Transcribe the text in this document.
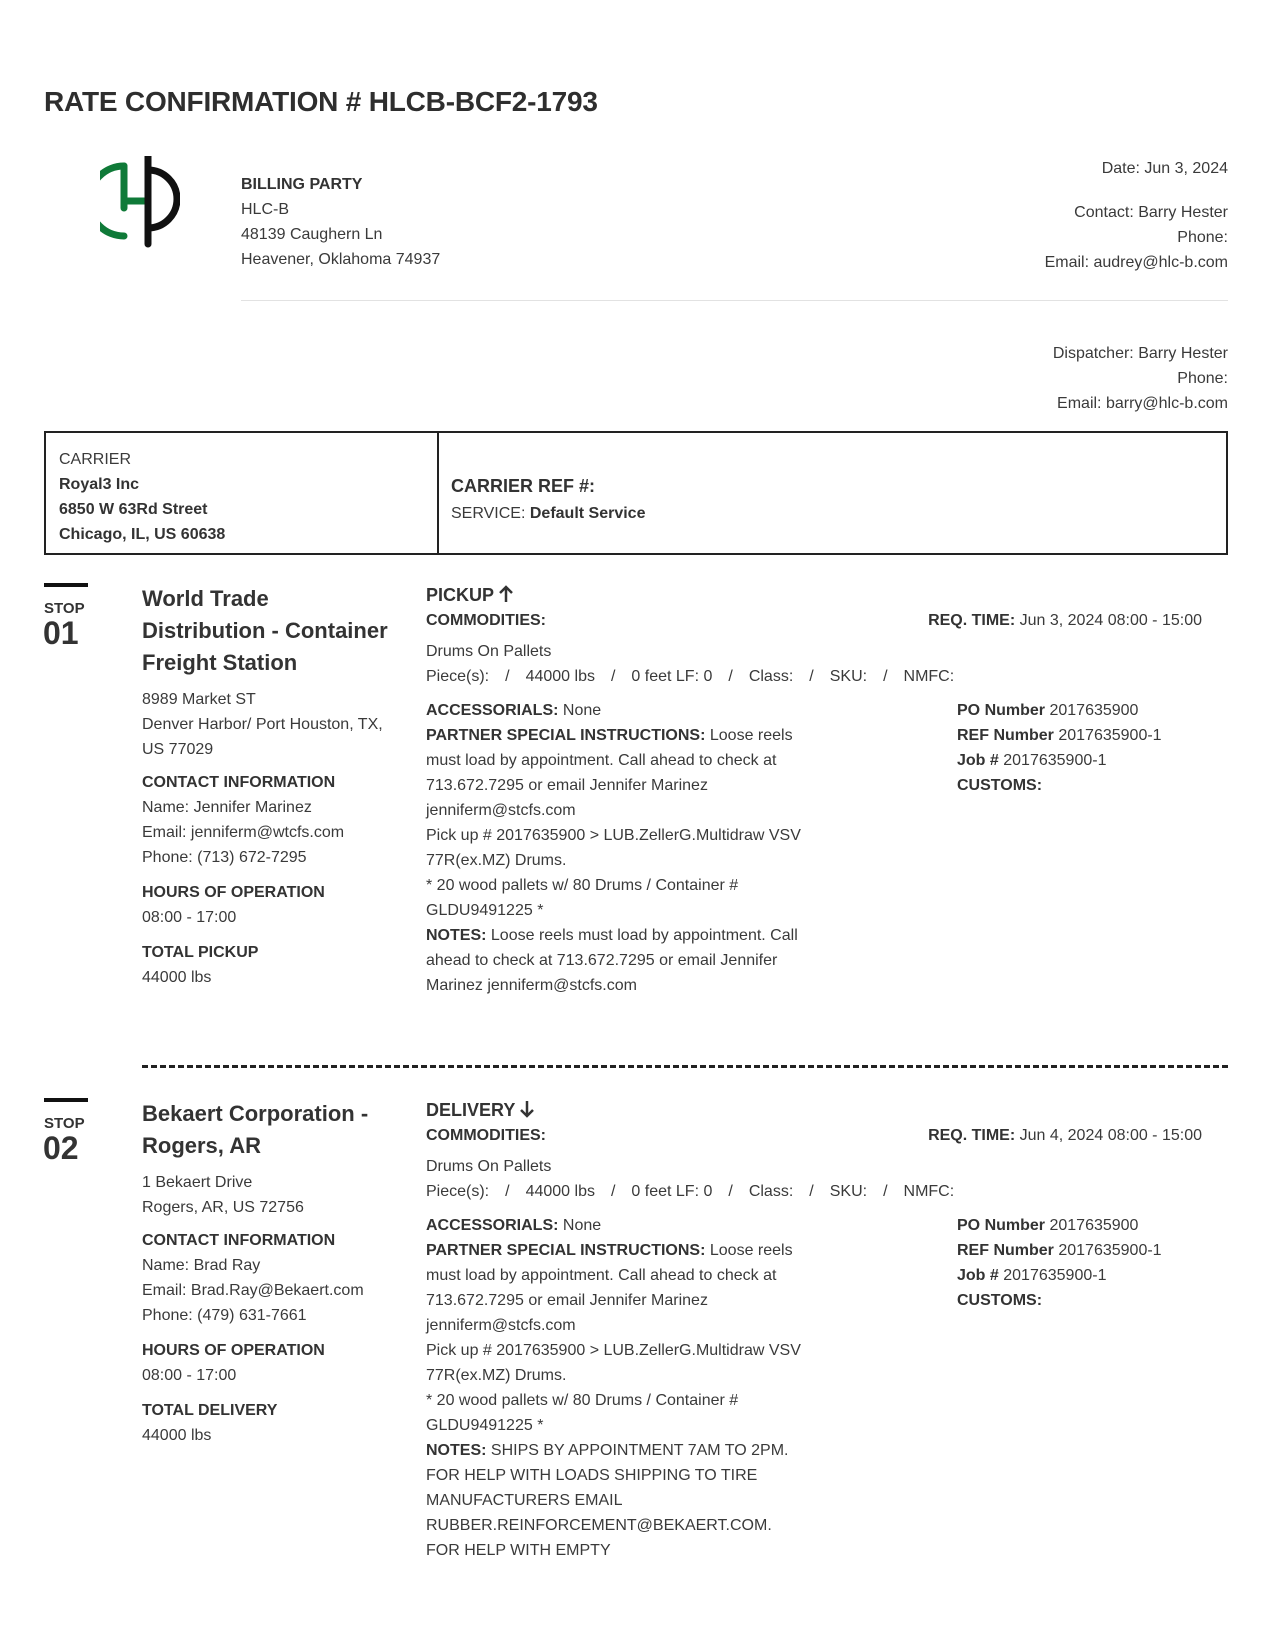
RATE CONFIRMATION # HLCB-BCF2-1793
BILLING PARTY
HLC-B
48139 Caughern Ln
Heavener, Oklahoma 74937
Date: Jun 3, 2024
Contact: Barry Hester
Phone:
Email: audrey@hlc-b.com
Dispatcher: Barry Hester
Phone:
Email: barry@hlc-b.com
CARRIER
Royal3 Inc
6850 W 63Rd Street
Chicago, IL, US 60638
CARRIER REF #:
SERVICE: Default Service
STOP
01
World Trade Distribution - Container Freight Station
8989 Market ST
Denver Harbor/ Port Houston, TX, US 77029
CONTACT INFORMATION
Name: Jennifer Marinez
Email: jenniferm@wtcfs.com
Phone: (713) 672-7295
HOURS OF OPERATION
08:00 - 17:00
TOTAL PICKUP
44000 lbs
PICKUP
COMMODITIES:	REQ. TIME: Jun 3, 2024 08:00 - 15:00
Drums On Pallets
Piece(s): / 44000 lbs / 0 feet LF: 0 / Class: / SKU: / NMFC:
ACCESSORIALS: None
PARTNER SPECIAL INSTRUCTIONS: Loose reels must load by appointment. Call ahead to check at 713.672.7295 or email Jennifer Marinez jenniferm@stcfs.com
Pick up # 2017635900 > LUB.ZellerG.Multidraw VSV 77R(ex.MZ) Drums.
* 20 wood pallets w/ 80 Drums / Container # GLDU9491225 *
NOTES: Loose reels must load by appointment. Call ahead to check at 713.672.7295 or email Jennifer Marinez jenniferm@stcfs.com
PO Number 2017635900
REF Number 2017635900-1
Job # 2017635900-1
CUSTOMS:
STOP
02
Bekaert Corporation - Rogers, AR
1 Bekaert Drive
Rogers, AR, US 72756
CONTACT INFORMATION
Name: Brad Ray
Email: Brad.Ray@Bekaert.com
Phone: (479) 631-7661
HOURS OF OPERATION
08:00 - 17:00
TOTAL DELIVERY
44000 lbs
DELIVERY
COMMODITIES:	REQ. TIME: Jun 4, 2024 08:00 - 15:00
Drums On Pallets
Piece(s): / 44000 lbs / 0 feet LF: 0 / Class: / SKU: / NMFC:
ACCESSORIALS: None
PARTNER SPECIAL INSTRUCTIONS: Loose reels must load by appointment. Call ahead to check at 713.672.7295 or email Jennifer Marinez jenniferm@stcfs.com
Pick up # 2017635900 > LUB.ZellerG.Multidraw VSV 77R(ex.MZ) Drums.
* 20 wood pallets w/ 80 Drums / Container # GLDU9491225 *
NOTES: SHIPS BY APPOINTMENT 7AM TO 2PM. FOR HELP WITH LOADS SHIPPING TO TIRE MANUFACTURERS EMAIL RUBBER.REINFORCEMENT@BEKAERT.COM. FOR HELP WITH EMPTY
PO Number 2017635900
REF Number 2017635900-1
Job # 2017635900-1
CUSTOMS:
